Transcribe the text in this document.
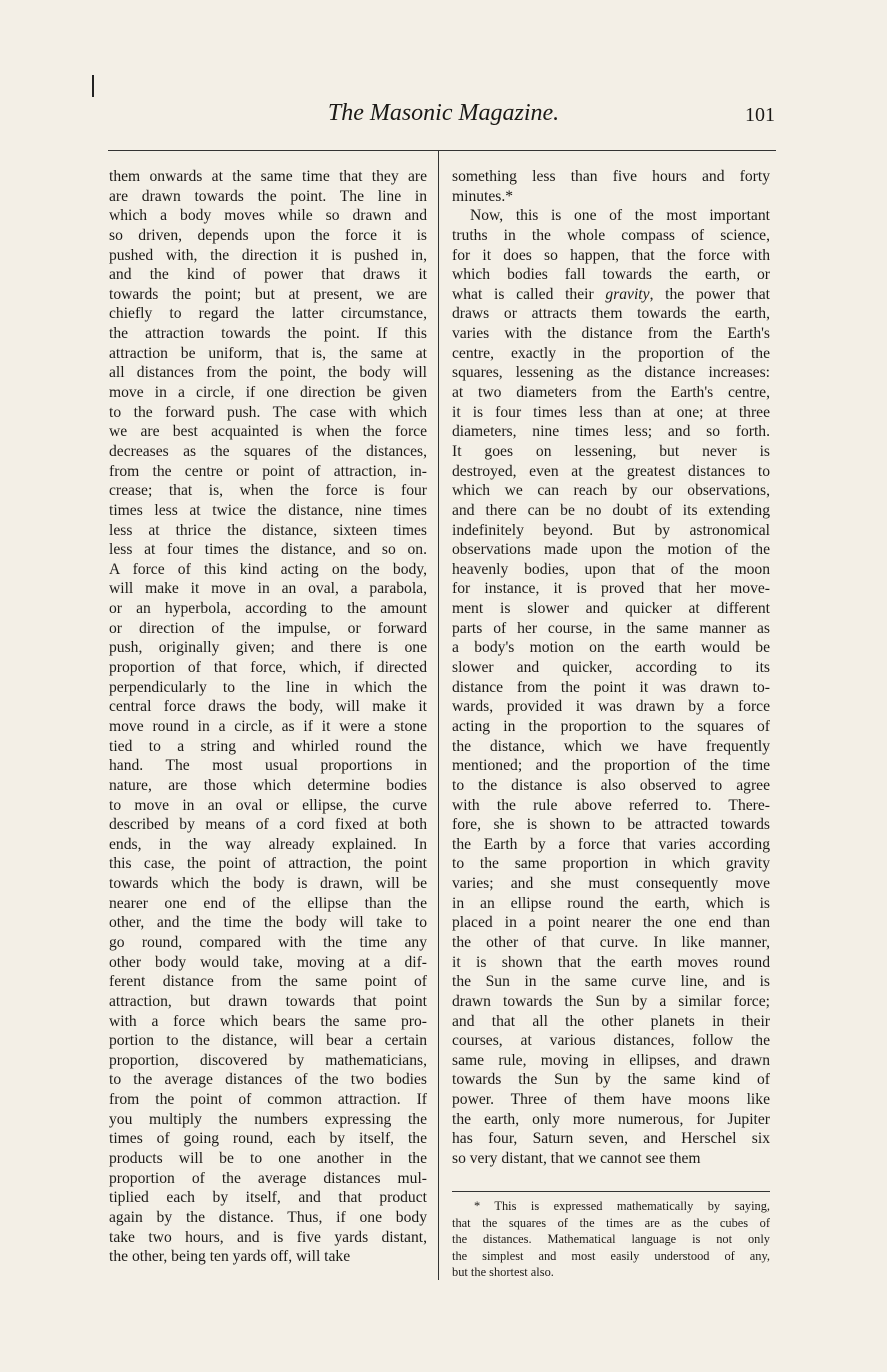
The Masonic Magazine.	101
them onwards at the same time that they are
are drawn towards the point. The line in
which a body moves while so drawn and
so driven, depends upon the force it is
pushed with, the direction it is pushed in,
and the kind of power that draws it
towards the point; but at present, we are
chiefly to regard the latter circumstance,
the attraction towards the point. If this
attraction be uniform, that is, the same at
all distances from the point, the body will
move in a circle, if one direction be given
to the forward push. The case with which
we are best acquainted is when the force
decreases as the squares of the distances,
from the centre or point of attraction, in-
crease; that is, when the force is four
times less at twice the distance, nine times
less at thrice the distance, sixteen times
less at four times the distance, and so on.
A force of this kind acting on the body,
will make it move in an oval, a parabola,
or an hyperbola, according to the amount
or direction of the impulse, or forward
push, originally given; and there is one
proportion of that force, which, if directed
perpendicularly to the line in which the
central force draws the body, will make it
move round in a circle, as if it were a stone
tied to a string and whirled round the
hand. The most usual proportions in
nature, are those which determine bodies
to move in an oval or ellipse, the curve
described by means of a cord fixed at both
ends, in the way already explained. In
this case, the point of attraction, the point
towards which the body is drawn, will be
nearer one end of the ellipse than the
other, and the time the body will take to
go round, compared with the time any
other body would take, moving at a dif-
ferent distance from the same point of
attraction, but drawn towards that point
with a force which bears the same pro-
portion to the distance, will bear a certain
proportion, discovered by mathematicians,
to the average distances of the two bodies
from the point of common attraction. If
you multiply the numbers expressing the
times of going round, each by itself, the
products will be to one another in the
proportion of the average distances mul-
tiplied each by itself, and that product
again by the distance. Thus, if one body
take two hours, and is five yards distant,
the other, being ten yards off, will take
something less than five hours and forty
minutes.*
Now, this is one of the most important
truths in the whole compass of science,
for it does so happen, that the force with
which bodies fall towards the earth, or
what is called their gravity, the power that
draws or attracts them towards the earth,
varies with the distance from the Earth's
centre, exactly in the proportion of the
squares, lessening as the distance increases:
at two diameters from the Earth's centre,
it is four times less than at one; at three
diameters, nine times less; and so forth.
It goes on lessening, but never is
destroyed, even at the greatest distances to
which we can reach by our observations,
and there can be no doubt of its extending
indefinitely beyond. But by astronomical
observations made upon the motion of the
heavenly bodies, upon that of the moon
for instance, it is proved that her move-
ment is slower and quicker at different
parts of her course, in the same manner as
a body's motion on the earth would be
slower and quicker, according to its
distance from the point it was drawn to-
wards, provided it was drawn by a force
acting in the proportion to the squares of
the distance, which we have frequently
mentioned; and the proportion of the time
to the distance is also observed to agree
with the rule above referred to. There-
fore, she is shown to be attracted towards
the Earth by a force that varies according
to the same proportion in which gravity
varies; and she must consequently move
in an ellipse round the earth, which is
placed in a point nearer the one end than
the other of that curve. In like manner,
it is shown that the earth moves round
the Sun in the same curve line, and is
drawn towards the Sun by a similar force;
and that all the other planets in their
courses, at various distances, follow the
same rule, moving in ellipses, and drawn
towards the Sun by the same kind of
power. Three of them have moons like
the earth, only more numerous, for Jupiter
has four, Saturn seven, and Herschel six
so very distant, that we cannot see them
* This is expressed mathematically by saying,
that the squares of the times are as the cubes of
the distances. Mathematical language is not only
the simplest and most easily understood of any,
but the shortest also.
